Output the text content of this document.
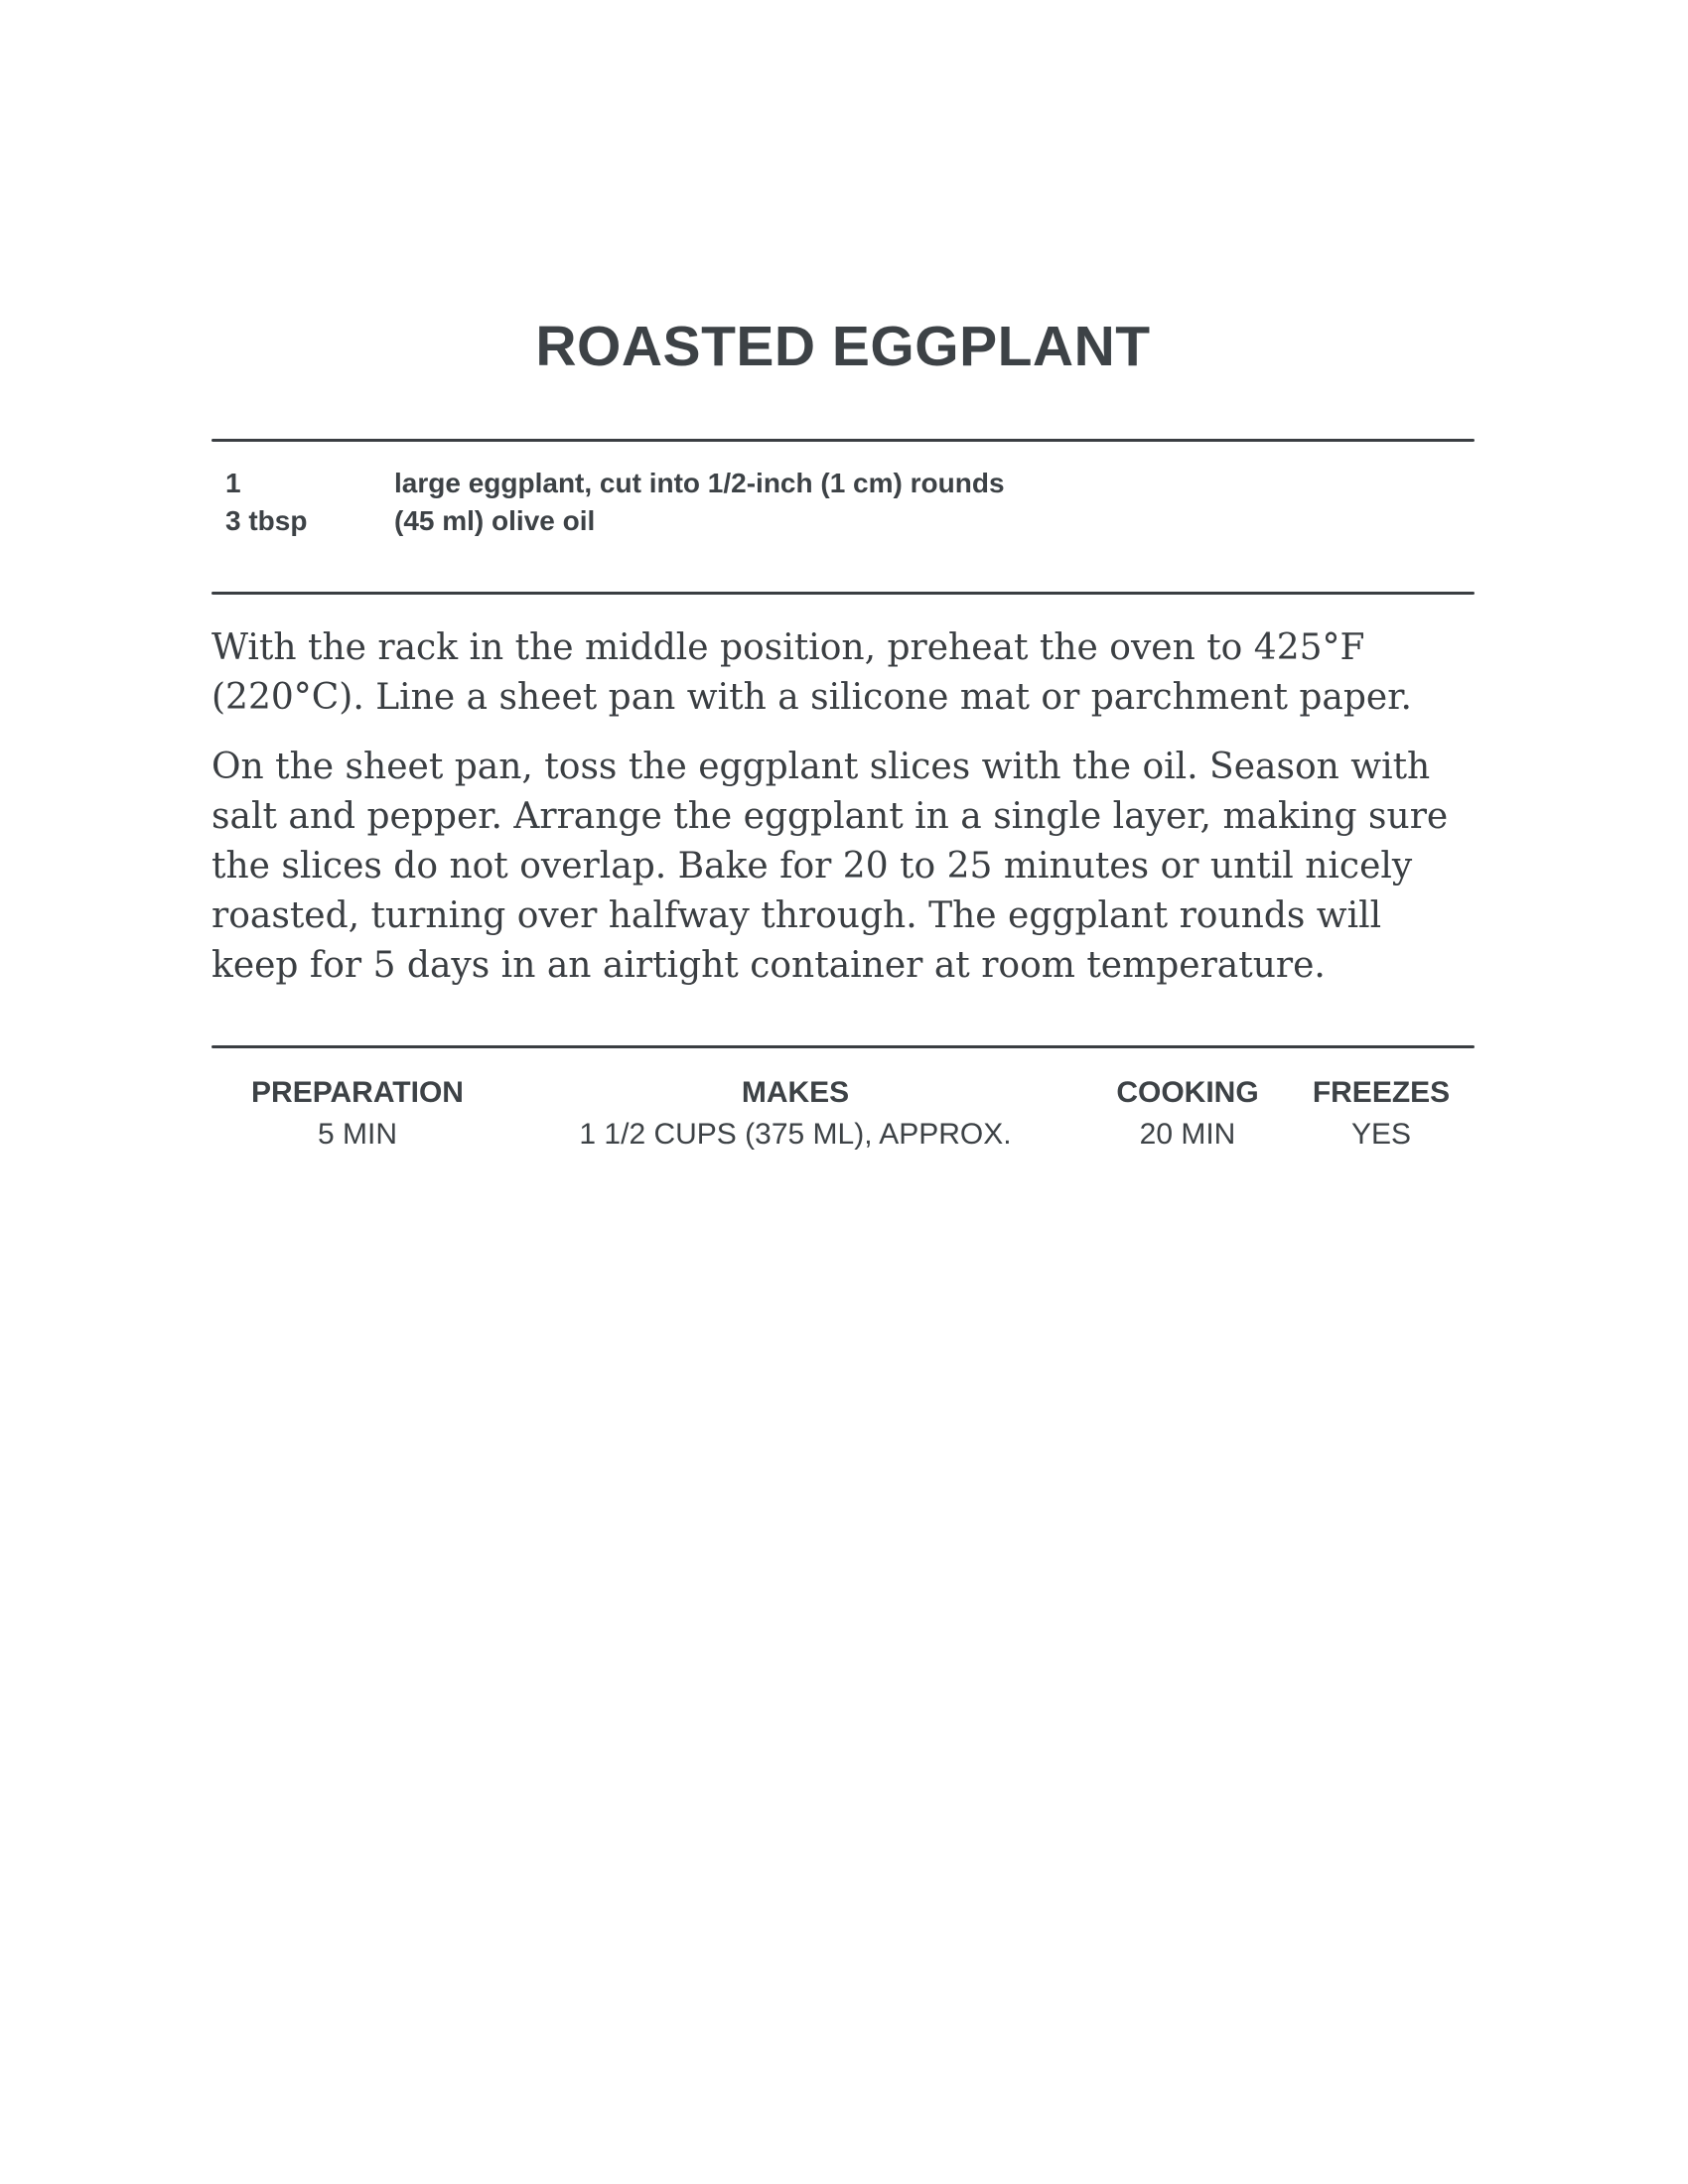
ROASTED EGGPLANT
1	large eggplant, cut into 1/2-inch (1 cm) rounds
3 tbsp	(45 ml) olive oil

With the rack in the middle position, preheat the oven to 425°F (220°C). Line a sheet pan with a silicone mat or parchment paper.

On the sheet pan, toss the eggplant slices with the oil. Season with salt and pepper. Arrange the eggplant in a single layer, making sure the slices do not overlap. Bake for 20 to 25 minutes or until nicely roasted, turning over halfway through. The eggplant rounds will keep for 5 days in an airtight container at room temperature.

PREPARATION
5 MIN
MAKES
1 1/2 CUPS (375 ML), APPROX.
COOKING
20 MIN
FREEZES
YES
